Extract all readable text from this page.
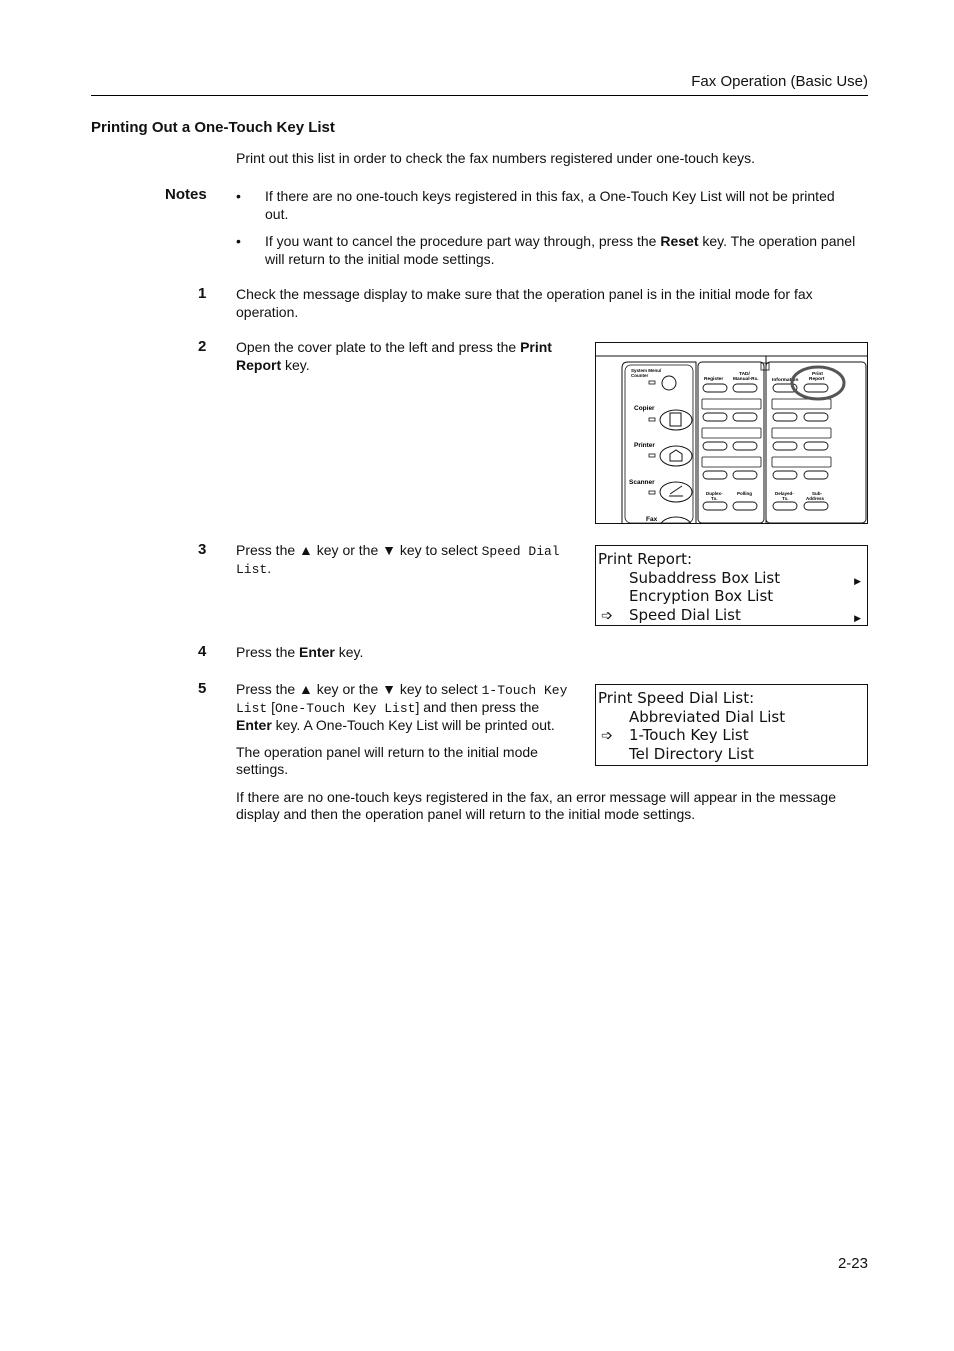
Fax Operation (Basic Use)
Printing Out a One-Touch Key List
Print out this list in order to check the fax numbers registered under one-touch keys.
Notes • If there are no one-touch keys registered in this fax, a One-Touch Key List will not be printed
out.
• If you want to cancel the procedure part way through, press the Reset key. The operation panel
will return to the initial mode settings.
1 Check the message display to make sure that the operation panel is in the initial mode for fax
operation.
2 Open the cover plate to the left and press the Print
Report key.	System Menu/
Counter
Copier
Printer
Scanner
Fax
Register
TAD/
Manual-Rx.	Information
Print
Report
Duplex-
Tx.
Polling	Delayed-
Tx.
Sub-
Address
3 Press the ▲ key or the ▼ key to select Speed Dial
List.	Print Report:
Subaddress Box List	▶
Encryption Box List
➩ Speed Dial List	▶
4 Press the Enter key.
5 Press the ▲ key or the ▼ key to select 1-Touch Key
List [One-Touch Key List] and then press the
Enter key. A One-Touch Key List will be printed out.
The operation panel will return to the initial mode
settings.
If there are no one-touch keys registered in the fax, an error message will appear in the message
display and then the operation panel will return to the initial mode settings.
Print Speed Dial List:
Abbreviated Dial List
➩ 1-Touch Key List
Tel Directory List
2-23
